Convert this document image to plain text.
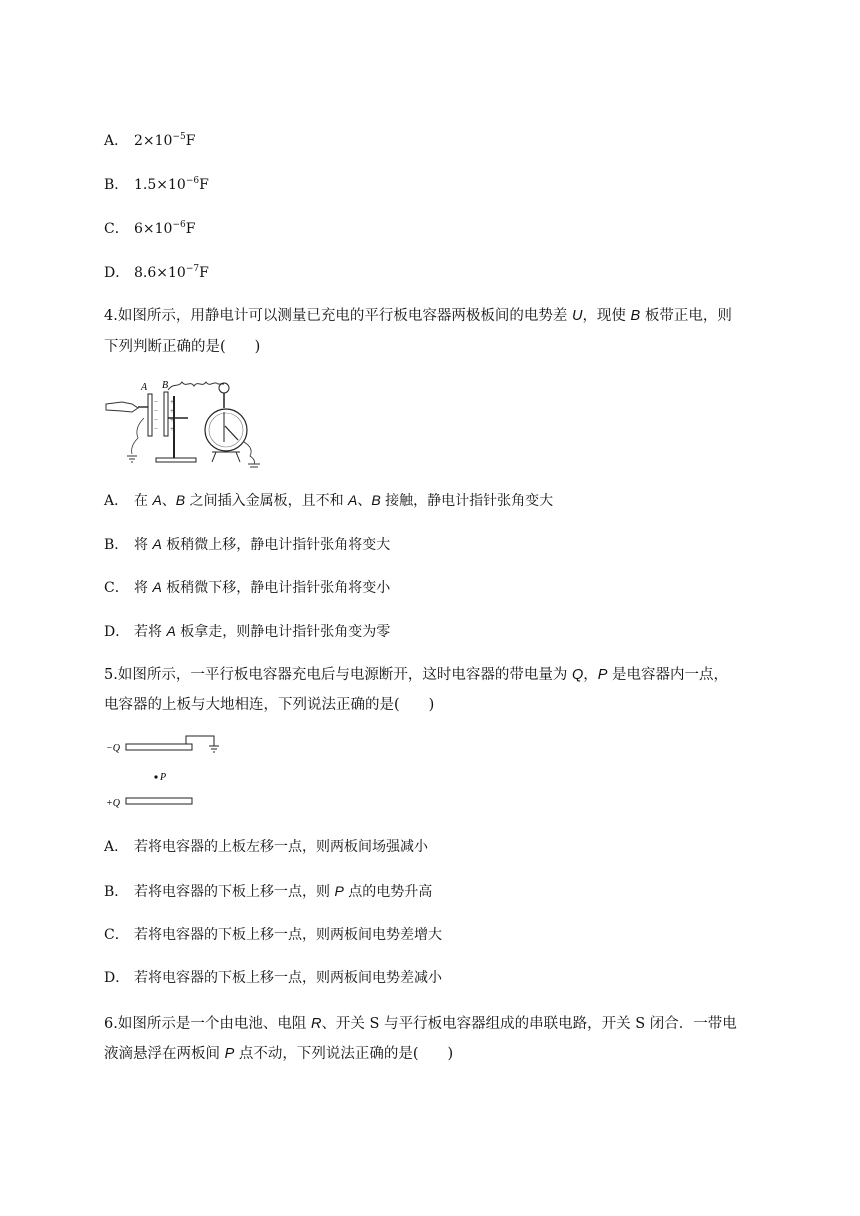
A ． $2\times 10^{-5}F$
B ． $1.5\times 10^{-6}F$
C ． $6\times 10^{-6}F$
D ． $8.6\times 10^{-7}F$
4.如图所示，用静电计可以测量已充电的平行板电容器两极板间的电势差 U，现使 B 板带正电，则
下列判断正确的是(　　)
A
−
−
−
−
B
+
+
+
+
A ． 在 A、B 之间插入金属板，且不和 A、B 接触，静电计指针张角变大
B ． 将 A 板稍微上移，静电计指针张角将变大
C ． 将 A 板稍微下移，静电计指针张角将变小
D ． 若将 A 板拿走，则静电计指针张角变为零
5.如图所示，一平行板电容器充电后与电源断开，这时电容器的带电量为 Q，P 是电容器内一点，
电容器的上板与大地相连，下列说法正确的是(　　)
−Q
P
+Q
A ． 若将电容器的上板左移一点，则两板间场强减小
B ． 若将电容器的下板上移一点，则 P 点的电势升高
C ． 若将电容器的下板上移一点，则两板间电势差增大
D ． 若将电容器的下板上移一点，则两板间电势差减小
6.如图所示是一个由电池、电阻 R、开关 S 与平行板电容器组成的串联电路，开关 S 闭合．一带电
液滴悬浮在两板间 P 点不动，下列说法正确的是(　　)
